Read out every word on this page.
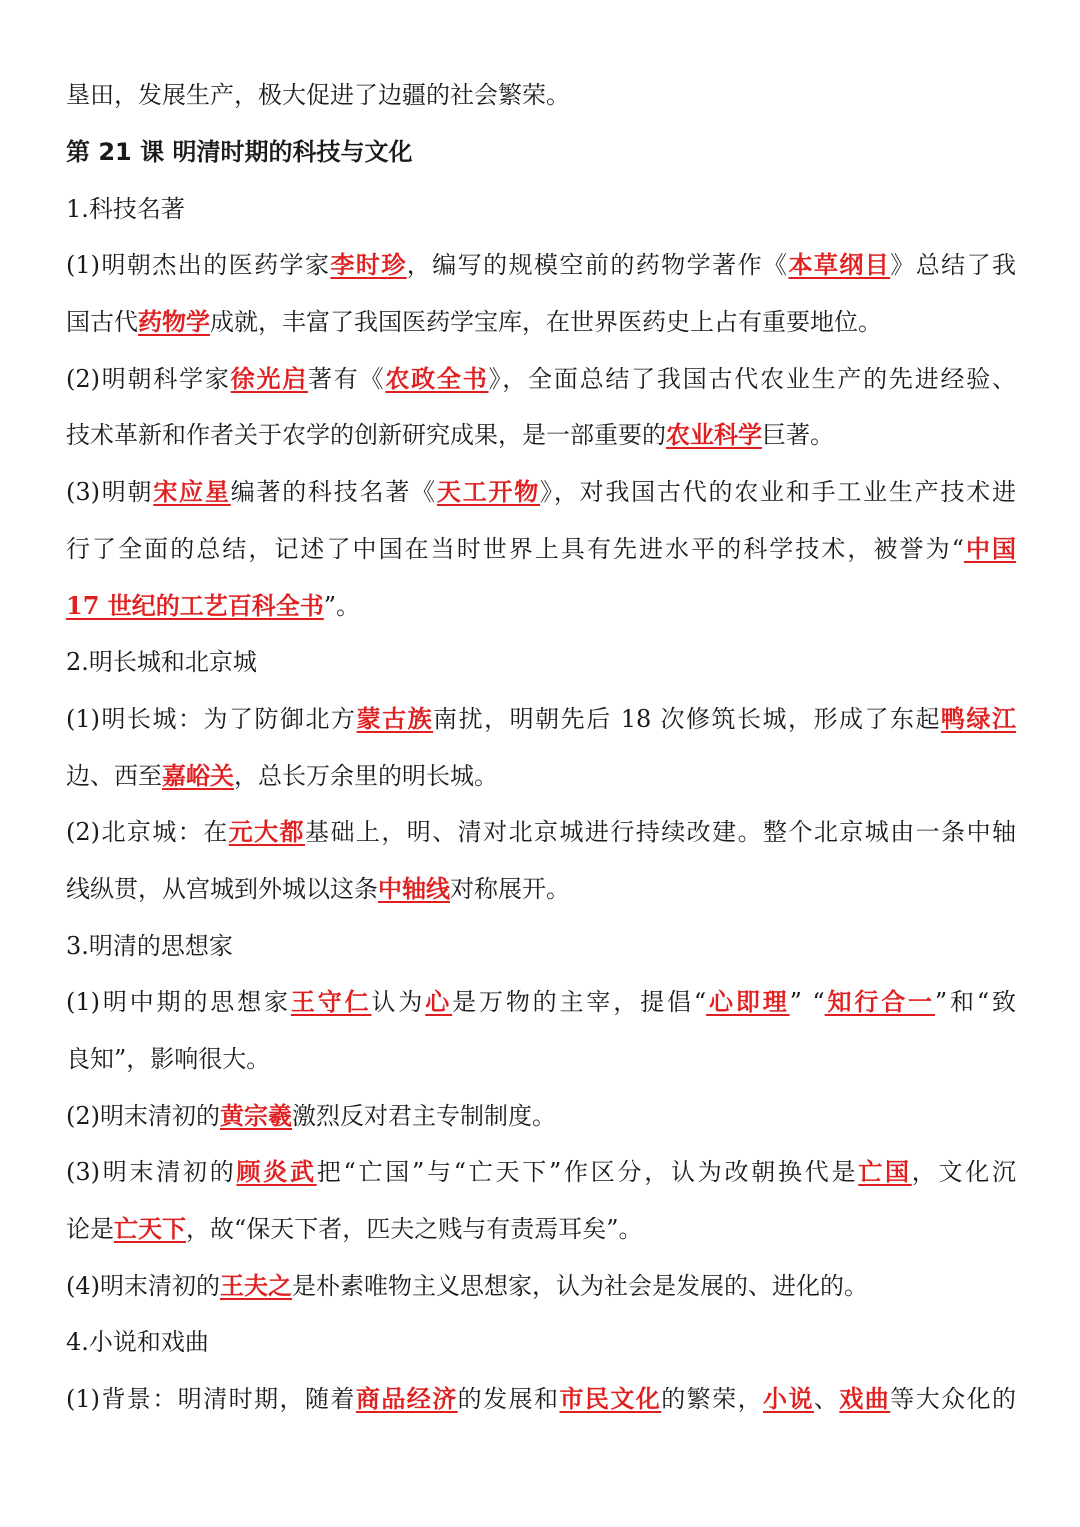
垦田，发展生产，极大促进了边疆的社会繁荣。
第 21 课 明清时期的科技与文化
1.科技名著
(1)明朝杰出的医药学家李时珍，编写的规模空前的药物学著作《本草纲目》总结了我
国古代药物学成就，丰富了我国医药学宝库，在世界医药史上占有重要地位。
(2)明朝科学家徐光启著有《农政全书》，全面总结了我国古代农业生产的先进经验、
技术革新和作者关于农学的创新研究成果，是一部重要的农业科学巨著。
(3)明朝宋应星编著的科技名著《天工开物》，对我国古代的农业和手工业生产技术进
行了全面的总结，记述了中国在当时世界上具有先进水平的科学技术，被誉为“中国
17 世纪的工艺百科全书”。
2.明长城和北京城
(1)明长城：为了防御北方蒙古族南扰，明朝先后 18 次修筑长城，形成了东起鸭绿江
边、西至嘉峪关，总长万余里的明长城。
(2)北京城：在元大都基础上，明、清对北京城进行持续改建。整个北京城由一条中轴
线纵贯，从宫城到外城以这条中轴线对称展开。
3.明清的思想家
(1)明中期的思想家王守仁认为心是万物的主宰，提倡“心即理” “知行合一”和“致
良知”，影响很大。
(2)明末清初的黄宗羲激烈反对君主专制制度。
(3)明末清初的顾炎武把“亡国”与“亡天下”作区分，认为改朝换代是亡国，文化沉
论是亡天下，故“保天下者，匹夫之贱与有责焉耳矣”。
(4)明末清初的王夫之是朴素唯物主义思想家，认为社会是发展的、进化的。
4.小说和戏曲
(1)背景：明清时期，随着商品经济的发展和市民文化的繁荣，小说、戏曲等大众化的
